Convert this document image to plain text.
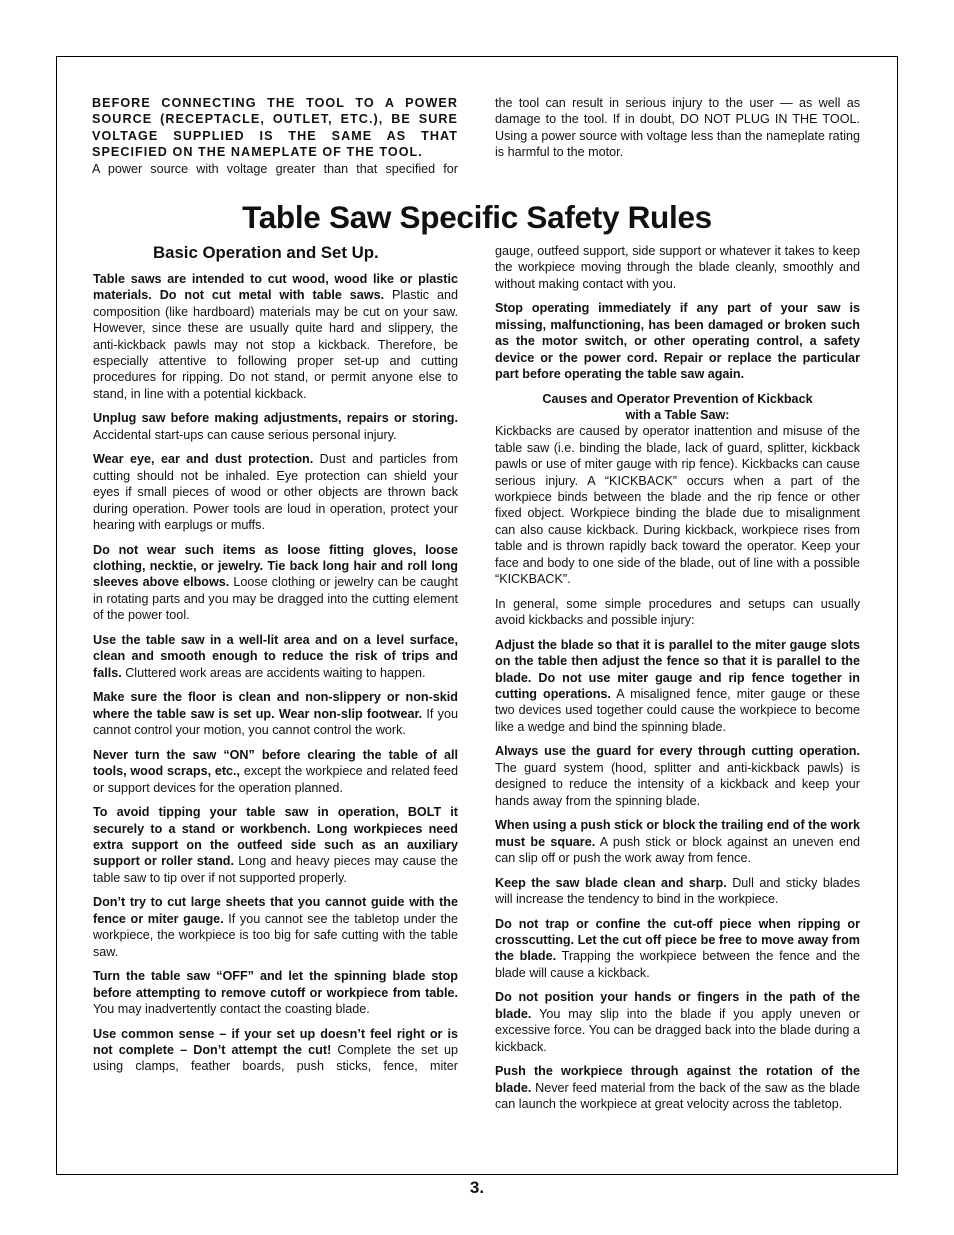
BEFORE CONNECTING THE TOOL TO A POWER SOURCE (RECEPTACLE, OUTLET, ETC.), BE SURE VOLTAGE SUPPLIED IS THE SAME AS THAT SPECIFIED ON THE NAMEPLATE OF THE TOOL.
A power source with voltage greater than that specified for
the tool can result in serious injury to the user — as well as damage to the tool. If in doubt, DO NOT PLUG IN THE TOOL. Using a power source with voltage less than the nameplate rating is harmful to the motor.
Table Saw Specific Safety Rules
Basic Operation and Set Up.

Table saws are intended to cut wood, wood like or plastic materials. Do not cut metal with table saws. Plastic and composition (like hardboard) materials may be cut on your saw. However, since these are usually quite hard and slippery, the anti-kickback pawls may not stop a kickback. Therefore, be especially attentive to following proper set-up and cutting procedures for ripping. Do not stand, or permit anyone else to stand, in line with a potential kickback.

Unplug saw before making adjustments, repairs or storing. Accidental start-ups can cause serious personal injury.

Wear eye, ear and dust protection. Dust and particles from cutting should not be inhaled. Eye protection can shield your eyes if small pieces of wood or other objects are thrown back during operation. Power tools are loud in operation, protect your hearing with earplugs or muffs.

Do not wear such items as loose fitting gloves, loose clothing, necktie, or jewelry. Tie back long hair and roll long sleeves above elbows. Loose clothing or jewelry can be caught in rotating parts and you may be dragged into the cutting element of the power tool.

Use the table saw in a well-lit area and on a level surface, clean and smooth enough to reduce the risk of trips and falls. Cluttered work areas are accidents waiting to happen.

Make sure the floor is clean and non-slippery or non-skid where the table saw is set up. Wear non-slip footwear. If you cannot control your motion, you cannot control the work.

Never turn the saw “ON” before clearing the table of all tools, wood scraps, etc., except the workpiece and related feed or support devices for the operation planned.

To avoid tipping your table saw in operation, BOLT it securely to a stand or workbench. Long workpieces need extra support on the outfeed side such as an auxiliary support or roller stand. Long and heavy pieces may cause the table saw to tip over if not supported properly.

Don’t try to cut large sheets that you cannot guide with the fence or miter gauge. If you cannot see the tabletop under the workpiece, the workpiece is too big for safe cutting with the table saw.

Turn the table saw “OFF” and let the spinning blade stop before attempting to remove cutoff or workpiece from table. You may inadvertently contact the coasting blade.

Use common sense – if your set up doesn’t feel right or is not complete – Don’t attempt the cut! Complete the set up using clamps, feather boards, push sticks, fence, miter

gauge, outfeed support, side support or whatever it takes to keep the workpiece moving through the blade cleanly, smoothly and without making contact with you.

Stop operating immediately if any part of your saw is missing, malfunctioning, has been damaged or broken such as the motor switch, or other operating control, a safety device or the power cord. Repair or replace the particular part before operating the table saw again.

Causes and Operator Prevention of Kickback
with a Table Saw:

Kickbacks are caused by operator inattention and misuse of the table saw (i.e. binding the blade, lack of guard, splitter, kickback pawls or use of miter gauge with rip fence). Kickbacks can cause serious injury. A “KICKBACK” occurs when a part of the workpiece binds between the blade and the rip fence or other fixed object. Workpiece binding the blade due to misalignment can also cause kickback. During kickback, workpiece rises from table and is thrown rapidly back toward the operator. Keep your face and body to one side of the blade, out of line with a possible “KICKBACK”.

In general, some simple procedures and setups can usually avoid kickbacks and possible injury:

Adjust the blade so that it is parallel to the miter gauge slots on the table then adjust the fence so that it is parallel to the blade. Do not use miter gauge and rip fence together in cutting operations. A misaligned fence, miter gauge or these two devices used together could cause the workpiece to become like a wedge and bind the spinning blade.

Always use the guard for every through cutting operation. The guard system (hood, splitter and anti-kickback pawls) is designed to reduce the intensity of a kickback and keep your hands away from the spinning blade.

When using a push stick or block the trailing end of the work must be square. A push stick or block against an uneven end can slip off or push the work away from fence.

Keep the saw blade clean and sharp. Dull and sticky blades will increase the tendency to bind in the workpiece.

Do not trap or confine the cut-off piece when ripping or crosscutting. Let the cut off piece be free to move away from the blade. Trapping the workpiece between the fence and the blade will cause a kickback.

Do not position your hands or fingers in the path of the blade. You may slip into the blade if you apply uneven or excessive force. You can be dragged back into the blade during a kickback.

Push the workpiece through against the rotation of the blade. Never feed material from the back of the saw as the blade can launch the workpiece at great velocity across the tabletop.

3.
